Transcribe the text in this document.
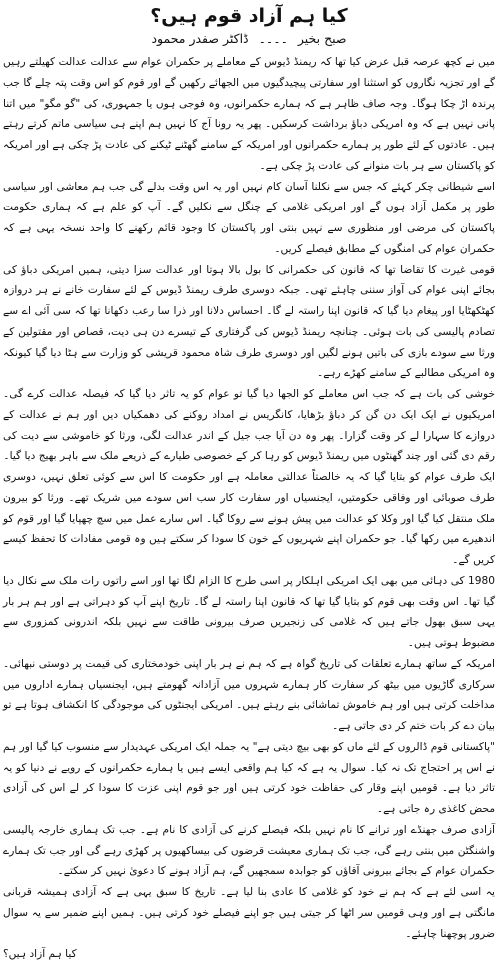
کیا ہم آزاد قوم ہیں؟
صبح بخیر ۔۔۔۔ ڈاکٹر صفدر محمود

میں نے کچھ عرصہ قبل عرض کیا تھا کہ ریمنڈ ڈیوس کے معاملے پر حکمران عوام سے عدالت عدالت کھیلتے رہیں گے اور تجزیہ نگاروں کو استثنا اور سفارتی پیچیدگیوں میں الجھائے رکھیں گے اور قوم کو اس وقت پتہ چلے گا جب پرندہ اڑ چکا ہوگا۔ وجہ صاف ظاہر ہے کہ ہمارے حکمرانوں، وہ فوجی ہوں یا جمہوری، کی "گو مگو" میں اتنا پانی نہیں ہے کہ وہ امریکی دباؤ برداشت کرسکیں۔ پھر یہ رونا آج کا نہیں ہم اپنے ہی سیاسی ماتم کرتے رہتے ہیں۔ عادتوں کے لئے طور پر ہمارے حکمرانوں اور امریکہ کے سامنے گھٹنے ٹیکنے کی عادت پڑ چکی ہے اور امریکہ کو پاکستان سے ہر بات منوانے کی عادت پڑ چکی ہے۔

اسے شیطانی چکر کہئے کہ جس سے نکلنا آسان کام نہیں اور یہ اس وقت بدلے گی جب ہم معاشی اور سیاسی طور پر مکمل آزاد ہوں گے اور امریکی غلامی کے چنگل سے نکلیں گے۔ آپ کو علم ہے کہ ہماری حکومت پاکستان کی مرضی اور منظوری سے نہیں بنتی اور پاکستان کا وجود قائم رکھنے کا واحد نسخہ یہی ہے کہ حکمران عوام کی امنگوں کے مطابق فیصلے کریں۔

قومی غیرت کا تقاضا تھا کہ قانون کی حکمرانی کا بول بالا ہوتا اور عدالت سزا دیتی، ہمیں امریکی دباؤ کی بجائے اپنی عوام کی آواز سننی چاہئے تھی۔ جبکہ دوسری طرف ریمنڈ ڈیوس کے لئے سفارت خانے نے ہر دروازہ کھٹکھٹایا اور پیغام دیا گیا کہ قانون اپنا راستہ لے گا۔ احساس دلانا اور ذرا سا رعب دکھانا تھا کہ سی آئی اے سے تصادم پالیسی کی بات ہوئی۔ چنانچہ ریمنڈ ڈیوس کی گرفتاری کے تیسرے دن ہی دیت، قصاص اور مقتولین کے ورثا سے سودے بازی کی باتیں ہونے لگیں اور دوسری طرف شاہ محمود قریشی کو وزارت سے ہٹا دیا گیا کیونکہ وہ امریکی مطالبے کے سامنے کھڑے رہے۔

خوشی کی بات ہے کہ جب اس معاملے کو الجھا دیا گیا تو عوام کو یہ تاثر دیا گیا کہ فیصلہ عدالت کرے گی۔ امریکیوں نے ایک ایک دن گن کر دباؤ بڑھایا، کانگریس نے امداد روکنے کی دھمکیاں دیں اور ہم نے عدالت کے دروازے کا سہارا لے کر وقت گزارا۔ پھر وہ دن آیا جب جیل کے اندر عدالت لگی، ورثا کو خاموشی سے دیت کی رقم دی گئی اور چند گھنٹوں میں ریمنڈ ڈیوس کو رہا کر کے خصوصی طیارے کے ذریعے ملک سے باہر بھیج دیا گیا۔

ایک طرف عوام کو بتایا گیا کہ یہ خالصتاً عدالتی معاملہ ہے اور حکومت کا اس سے کوئی تعلق نہیں، دوسری طرف صوبائی اور وفاقی حکومتیں، ایجنسیاں اور سفارت کار سب اس سودے میں شریک تھے۔ ورثا کو بیرون ملک منتقل کیا گیا اور وکلا کو عدالت میں پیش ہونے سے روکا گیا۔ اس سارے عمل میں سچ چھپایا گیا اور قوم کو اندھیرے میں رکھا گیا۔ جو حکمران اپنے شہریوں کے خون کا سودا کر سکتے ہیں وہ قومی مفادات کا تحفظ کیسے کریں گے۔

1980 کی دہائی میں بھی ایک امریکی اہلکار پر اسی طرح کا الزام لگا تھا اور اسے راتوں رات ملک سے نکال دیا گیا تھا۔ اس وقت بھی قوم کو بتایا گیا تھا کہ قانون اپنا راستہ لے گا۔ تاریخ اپنے آپ کو دہراتی ہے اور ہم ہر بار یہی سبق بھول جاتے ہیں کہ غلامی کی زنجیریں صرف بیرونی طاقت سے نہیں بلکہ اندرونی کمزوری سے مضبوط ہوتی ہیں۔

امریکہ کے ساتھ ہمارے تعلقات کی تاریخ گواہ ہے کہ ہم نے ہر بار اپنی خودمختاری کی قیمت پر دوستی نبھائی۔ سرکاری گاڑیوں میں بیٹھ کر سفارت کار ہمارے شہروں میں آزادانہ گھومتے ہیں، ایجنسیاں ہمارے اداروں میں مداخلت کرتی ہیں اور ہم خاموش تماشائی بنے رہتے ہیں۔ امریکی ایجنٹوں کی موجودگی کا انکشاف ہوتا ہے تو بیان دے کر بات ختم کر دی جاتی ہے۔

"پاکستانی قوم ڈالروں کے لئے ماں کو بھی بیچ دیتی ہے" یہ جملہ ایک امریکی عہدیدار سے منسوب کیا گیا اور ہم نے اس پر احتجاج تک نہ کیا۔ سوال یہ ہے کہ کیا ہم واقعی ایسے ہیں یا ہمارے حکمرانوں کے رویے نے دنیا کو یہ تاثر دیا ہے۔ قومیں اپنے وقار کی حفاظت خود کرتی ہیں اور جو قوم اپنی عزت کا سودا کر لے اس کی آزادی محض کاغذی رہ جاتی ہے۔

آزادی صرف جھنڈے اور ترانے کا نام نہیں بلکہ فیصلے کرنے کی آزادی کا نام ہے۔ جب تک ہماری خارجہ پالیسی واشنگٹن میں بنتی رہے گی، جب تک ہماری معیشت قرضوں کی بیساکھیوں پر کھڑی رہے گی اور جب تک ہمارے حکمران عوام کے بجائے بیرونی آقاؤں کو جوابدہ سمجھیں گے، ہم آزاد ہونے کا دعویٰ نہیں کر سکتے۔

یہ اسی لئے ہے کہ ہم نے خود کو غلامی کا عادی بنا لیا ہے۔ تاریخ کا سبق یہی ہے کہ آزادی ہمیشہ قربانی مانگتی ہے اور وہی قومیں سر اٹھا کر جیتی ہیں جو اپنے فیصلے خود کرتی ہیں۔ ہمیں اپنے ضمیر سے یہ سوال ضرور پوچھنا چاہئے۔

کیا ہم آزاد ہیں؟
